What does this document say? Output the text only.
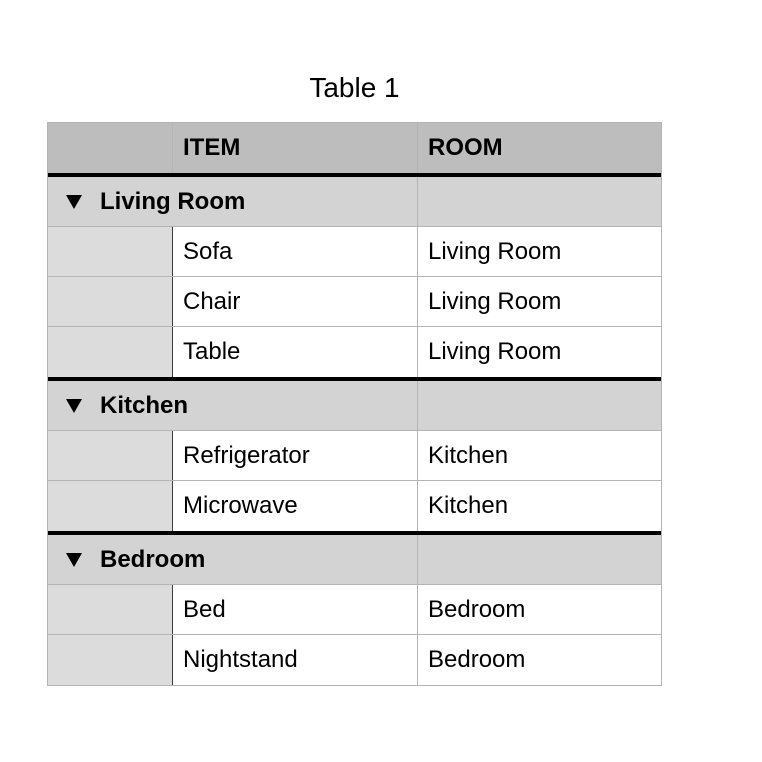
Table 1
ITEM	ROOM
Living Room
Sofa	Living Room
Chair	Living Room
Table	Living Room
Kitchen
Refrigerator	Kitchen
Microwave	Kitchen
Bedroom
Bed	Bedroom
Nightstand	Bedroom
